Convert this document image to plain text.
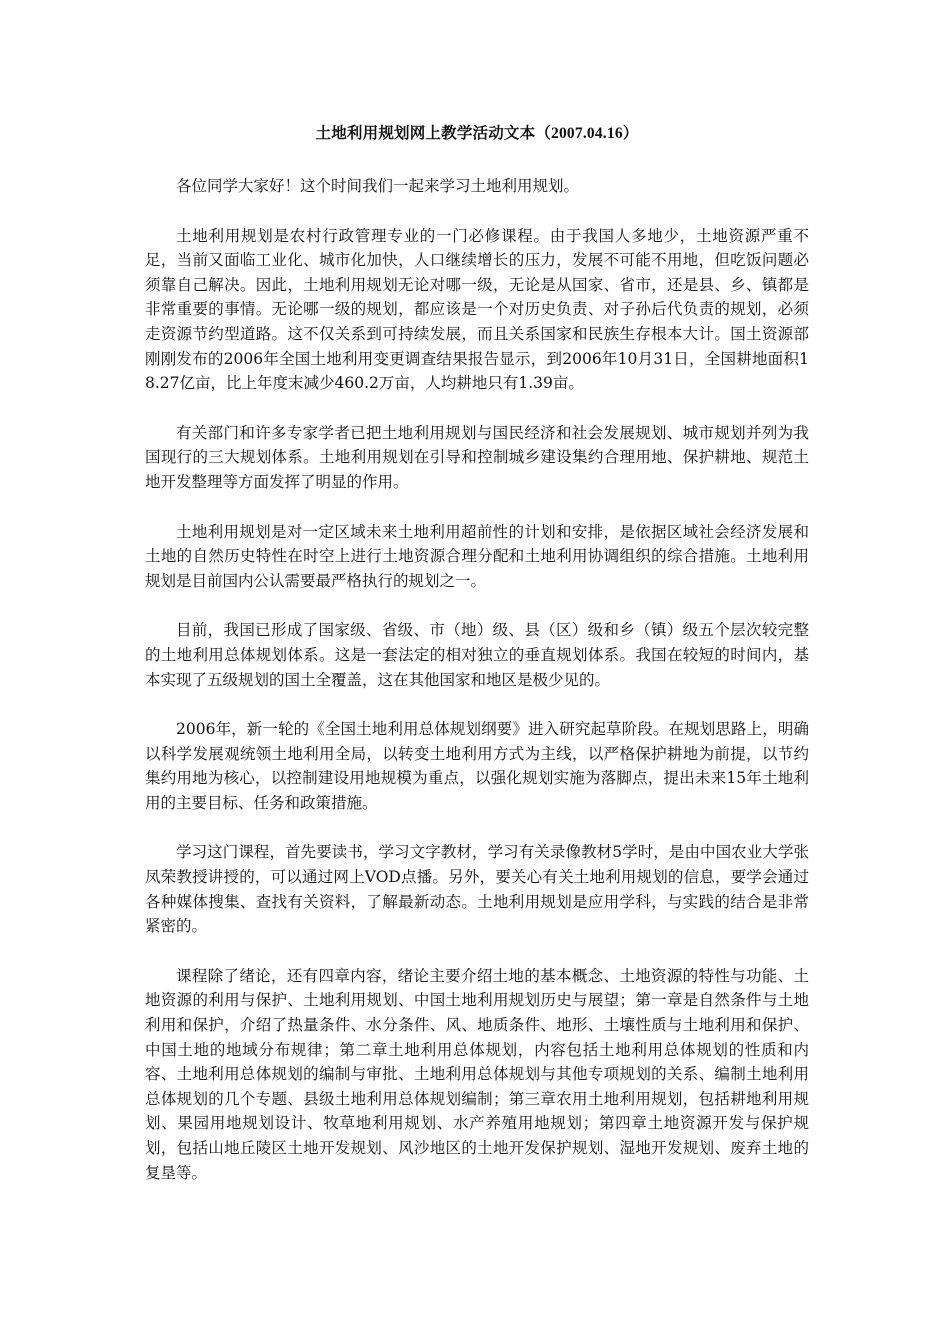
土地利用规划网上教学活动文本（2007.04.16）

各位同学大家好！这个时间我们一起来学习土地利用规划。

土地利用规划是农村行政管理专业的一门必修课程。由于我国人多地少，土地资源严重不足，当前又面临工业化、城市化加快，人口继续增长的压力，发展不可能不用地，但吃饭问题必须靠自己解决。因此，土地利用规划无论对哪一级，无论是从国家、省市，还是县、乡、镇都是非常重要的事情。无论哪一级的规划，都应该是一个对历史负责、对子孙后代负责的规划，必须走资源节约型道路。这不仅关系到可持续发展，而且关系国家和民族生存根本大计。国土资源部刚刚发布的2006年全国土地利用变更调查结果报告显示，到2006年10月31日，全国耕地面积18.27亿亩，比上年度末减少460.2万亩，人均耕地只有1.39亩。

有关部门和许多专家学者已把土地利用规划与国民经济和社会发展规划、城市规划并列为我国现行的三大规划体系。土地利用规划在引导和控制城乡建设集约合理用地、保护耕地、规范土地开发整理等方面发挥了明显的作用。

土地利用规划是对一定区域未来土地利用超前性的计划和安排，是依据区域社会经济发展和土地的自然历史特性在时空上进行土地资源合理分配和土地利用协调组织的综合措施。土地利用规划是目前国内公认需要最严格执行的规划之一。

目前，我国已形成了国家级、省级、市（地）级、县（区）级和乡（镇）级五个层次较完整的土地利用总体规划体系。这是一套法定的相对独立的垂直规划体系。我国在较短的时间内，基本实现了五级规划的国土全覆盖，这在其他国家和地区是极少见的。

2006年，新一轮的《全国土地利用总体规划纲要》进入研究起草阶段。在规划思路上，明确以科学发展观统领土地利用全局，以转变土地利用方式为主线，以严格保护耕地为前提，以节约集约用地为核心，以控制建设用地规模为重点，以强化规划实施为落脚点，提出未来15年土地利用的主要目标、任务和政策措施。

学习这门课程，首先要读书，学习文字教材，学习有关录像教材5学时，是由中国农业大学张凤荣教授讲授的，可以通过网上VOD点播。另外，要关心有关土地利用规划的信息，要学会通过各种媒体搜集、查找有关资料，了解最新动态。土地利用规划是应用学科，与实践的结合是非常紧密的。

课程除了绪论，还有四章内容，绪论主要介绍土地的基本概念、土地资源的特性与功能、土地资源的利用与保护、土地利用规划、中国土地利用规划历史与展望；第一章是自然条件与土地利用和保护，介绍了热量条件、水分条件、风、地质条件、地形、土壤性质与土地利用和保护、中国土地的地域分布规律；第二章土地利用总体规划，内容包括土地利用总体规划的性质和内容、土地利用总体规划的编制与审批、土地利用总体规划与其他专项规划的关系、编制土地利用总体规划的几个专题、县级土地利用总体规划编制；第三章农用土地利用规划，包括耕地利用规划、果园用地规划设计、牧草地利用规划、水产养殖用地规划；第四章土地资源开发与保护规划，包括山地丘陵区土地开发规划、风沙地区的土地开发保护规划、湿地开发规划、废弃土地的复垦等。
